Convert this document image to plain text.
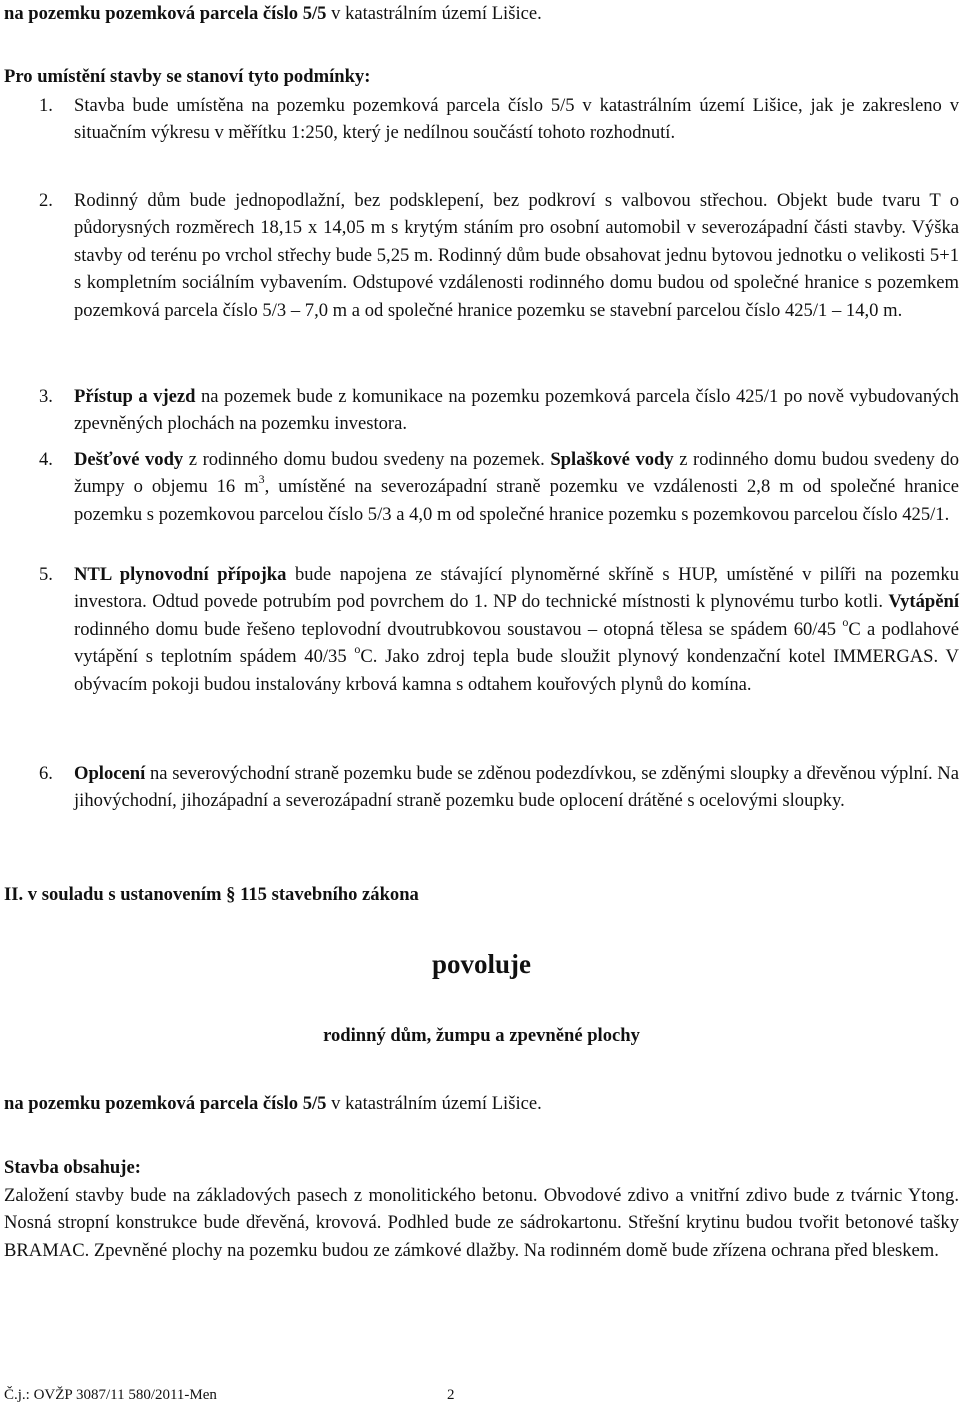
na pozemku pozemková parcela číslo 5/5 v katastrálním území Lišice.
Pro umístění stavby se stanoví tyto podmínky:
1. Stavba bude umístěna na pozemku pozemková parcela číslo 5/5 v katastrálním území Lišice, jak je zakresleno v situačním výkresu v měřítku 1:250, který je nedílnou součástí tohoto rozhodnutí.
2. Rodinný dům bude jednopodlažní, bez podsklepení, bez podkroví s valbovou střechou. Objekt bude tvaru T o půdorysných rozměrech 18,15 x 14,05 m s krytým stáním pro osobní automobil v severozápadní části stavby. Výška stavby od terénu po vrchol střechy bude 5,25 m. Rodinný dům bude obsahovat jednu bytovou jednotku o velikosti 5+1 s kompletním sociálním vybavením. Odstupové vzdálenosti rodinného domu budou od společné hranice s pozemkem pozemková parcela číslo 5/3 – 7,0 m a od společné hranice pozemku se stavební parcelou číslo 425/1 – 14,0 m.
3. Přístup a vjezd na pozemek bude z komunikace na pozemku pozemková parcela číslo 425/1 po nově vybudovaných zpevněných plochách na pozemku investora.
4. Dešťové vody z rodinného domu budou svedeny na pozemek. Splaškové vody z rodinného domu budou svedeny do žumpy o objemu 16 $m^3$, umístěné na severozápadní straně pozemku ve vzdálenosti 2,8 m od společné hranice pozemku s pozemkovou parcelou číslo 5/3 a 4,0 m od společné hranice pozemku s pozemkovou parcelou číslo 425/1.
5. NTL plynovodní přípojka bude napojena ze stávající plynoměrné skříně s HUP, umístěné v pilíři na pozemku investora. Odtud povede potrubím pod povrchem do 1. NP do technické místnosti k plynovému turbo kotli. Vytápění rodinného domu bude řešeno teplovodní dvoutrubkovou soustavou – otopná tělesa se spádem 60/45 $^o$C a podlahové vytápění s teplotním spádem 40/35 $^o$C. Jako zdroj tepla bude sloužit plynový kondenzační kotel IMMERGAS. V obývacím pokoji budou instalovány krbová kamna s odtahem kouřových plynů do komína.
6. Oplocení na severovýchodní straně pozemku bude se zděnou podezdívkou, se zděnými sloupky a dřevěnou výplní. Na jihovýchodní, jihozápadní a severozápadní straně pozemku bude oplocení drátěné s ocelovými sloupky.
II. v souladu s ustanovením § 115 stavebního zákona
povoluje
rodinný dům, žumpu a zpevněné plochy
na pozemku pozemková parcela číslo 5/5 v katastrálním území Lišice.
Stavba obsahuje:
Založení stavby bude na základových pasech z monolitického betonu. Obvodové zdivo a vnitřní zdivo bude z tvárnic Ytong. Nosná stropní konstrukce bude dřevěná, krovová. Podhled bude ze sádrokartonu. Střešní krytinu budou tvořit betonové tašky BRAMAC. Zpevněné plochy na pozemku budou ze zámkové dlažby. Na rodinném domě bude zřízena ochrana před bleskem.
Č.j.: OVŽP 3087/11 580/2011-Men	2
